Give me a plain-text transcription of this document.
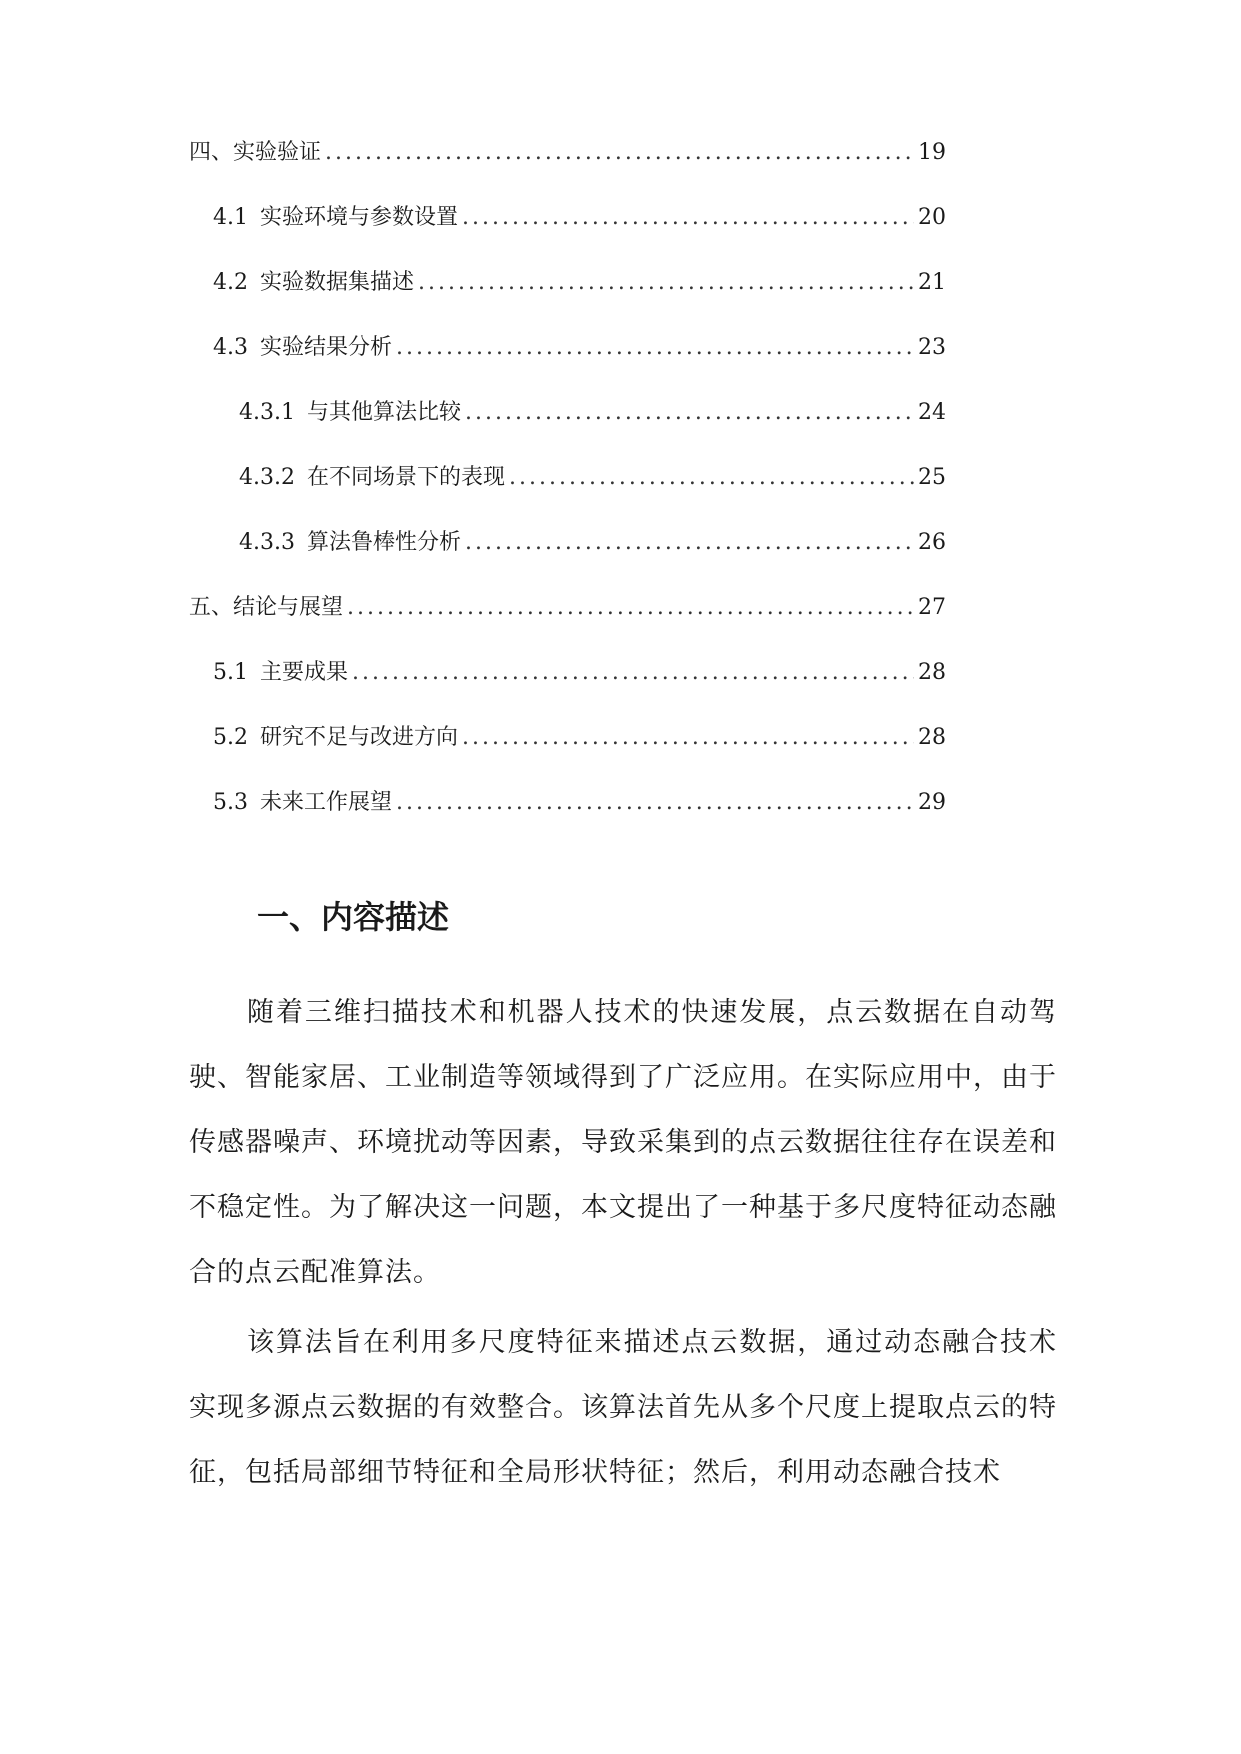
四、实验验证 .....	19
4.1 实验环境与参数设置 .....	20
4.2 实验数据集描述 .....	21
4.3 实验结果分析 .....	23
4.3.1 与其他算法比较 .....	24
4.3.2 在不同场景下的表现 .....	25
4.3.3 算法鲁棒性分析 .....	26
五、结论与展望 .....	27
5.1 主要成果 .....	28
5.2 研究不足与改进方向 .....	28
5.3 未来工作展望 .....	29
一、内容描述

随着三维扫描技术和机器人技术的快速发展，点云数据在自动驾驶、智能家居、工业制造等领域得到了广泛应用。在实际应用中，由于传感器噪声、环境扰动等因素，导致采集到的点云数据往往存在误差和不稳定性。为了解决这一问题，本文提出了一种基于多尺度特征动态融合的点云配准算法。

该算法旨在利用多尺度特征来描述点云数据，通过动态融合技术实现多源点云数据的有效整合。该算法首先从多个尺度上提取点云的特征，包括局部细节特征和全局形状特征；然后，利用动态融合技术
